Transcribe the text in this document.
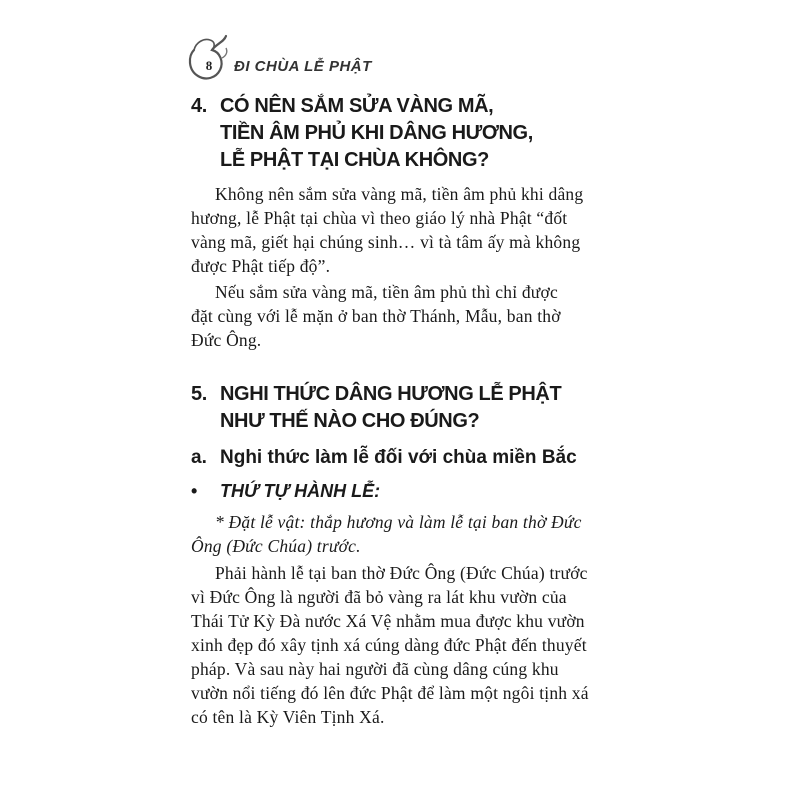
8	ĐI CHÙA LỄ PHẬT
4. CÓ NÊN SẮM SỬA VÀNG MÃ,
TIỀN ÂM PHỦ KHI DÂNG HƯƠNG,
LỄ PHẬT TẠI CHÙA KHÔNG?
Không nên sắm sửa vàng mã, tiền âm phủ khi dâng
hương, lễ Phật tại chùa vì theo giáo lý nhà Phật “đốt
vàng mã, giết hại chúng sinh… vì tà tâm ấy mà không
được Phật tiếp độ”.
Nếu sắm sửa vàng mã, tiền âm phủ thì chỉ được
đặt cùng với lễ mặn ở ban thờ Thánh, Mẫu, ban thờ
Đức Ông.
5. NGHI THỨC DÂNG HƯƠNG LỄ PHẬT
NHƯ THẾ NÀO CHO ĐÚNG?
a. Nghi thức làm lễ đối với chùa miền Bắc
• THỨ TỰ HÀNH LỄ:
* Đặt lễ vật: thắp hương và làm lễ tại ban thờ Đức
Ông (Đức Chúa) trước.
Phải hành lễ tại ban thờ Đức Ông (Đức Chúa) trước
vì Đức Ông là người đã bỏ vàng ra lát khu vườn của
Thái Tử Kỳ Đà nước Xá Vệ nhằm mua được khu vườn
xinh đẹp đó xây tịnh xá cúng dàng đức Phật đến thuyết
pháp. Và sau này hai người đã cùng dâng cúng khu
vườn nổi tiếng đó lên đức Phật để làm một ngôi tịnh xá
có tên là Kỳ Viên Tịnh Xá.
